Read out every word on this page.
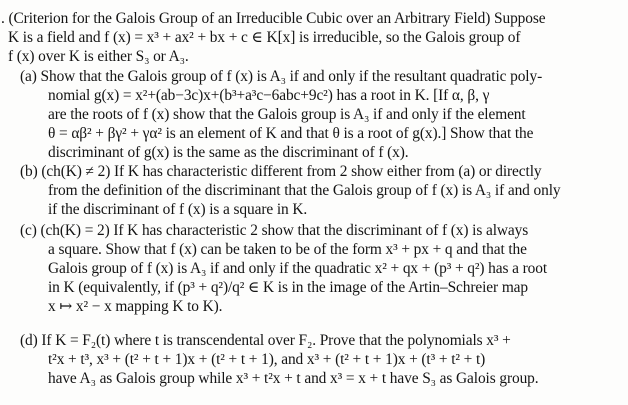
. (Criterion for the Galois Group of an Irreducible Cubic over an Arbitrary Field) Suppose
K is a field and f (x) = x³ + ax² + bx + c ∈ K[x] is irreducible, so the Galois group of
f (x) over K is either S₃ or A₃.
(a) Show that the Galois group of f (x) is A₃ if and only if the resultant quadratic poly-
nomial g(x) = x²+(ab−3c)x+(b³+a³c−6abc+9c²) has a root in K. [If α, β, γ
are the roots of f (x) show that the Galois group is A₃ if and only if the element
θ = αβ² + βγ² + γα² is an element of K and that θ is a root of g(x).] Show that the
discriminant of g(x) is the same as the discriminant of f (x).
(b) (ch(K) ≠ 2) If K has characteristic different from 2 show either from (a) or directly
from the definition of the discriminant that the Galois group of f (x) is A₃ if and only
if the discriminant of f (x) is a square in K.
(c) (ch(K) = 2) If K has characteristic 2 show that the discriminant of f (x) is always
a square. Show that f (x) can be taken to be of the form x³ + px + q and that the
Galois group of f (x) is A₃ if and only if the quadratic x² + qx + (p³ + q²) has a root
in K (equivalently, if (p³ + q²)/q² ∈ K is in the image of the Artin–Schreier map
x ↦ x² − x mapping K to K).
(d) If K = F₂(t) where t is transcendental over F₂. Prove that the polynomials x³ +
t²x + t³, x³ + (t² + t + 1)x + (t² + t + 1), and x³ + (t² + t + 1)x + (t³ + t² + t)
have A₃ as Galois group while x³ + t²x + t and x³ = x + t have S₃ as Galois group.
